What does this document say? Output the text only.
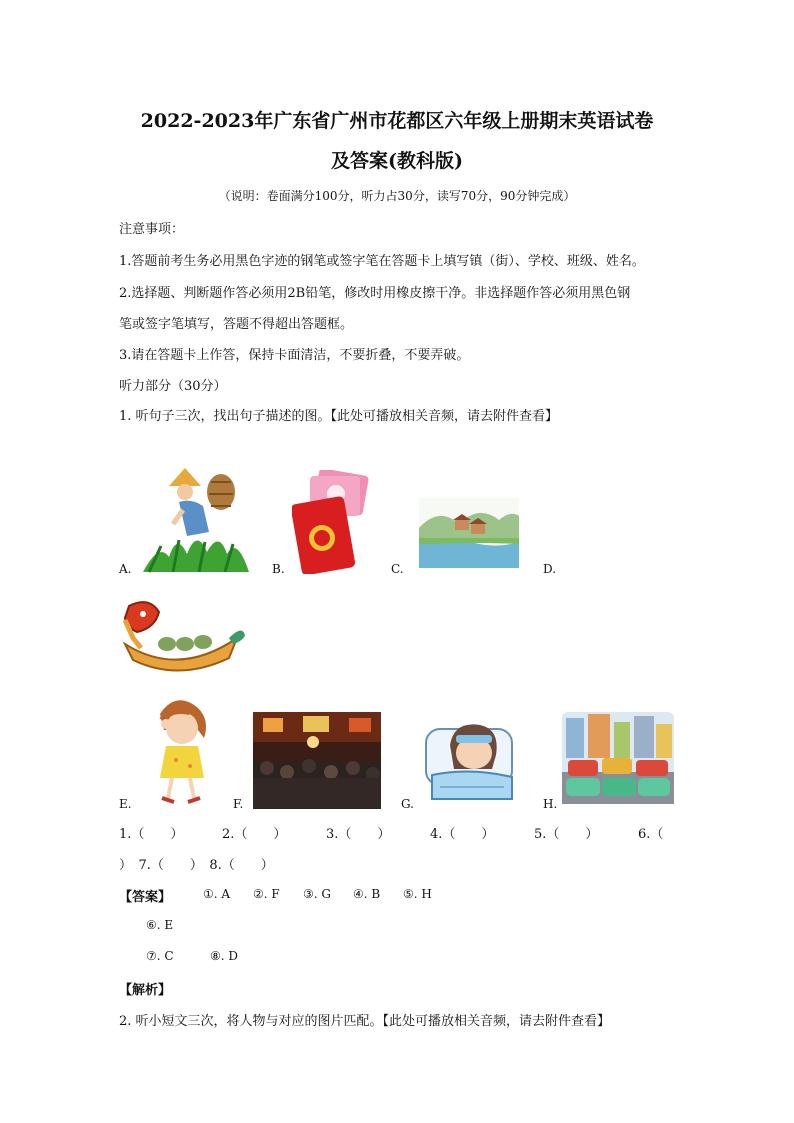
2022-2023年广东省广州市花都区六年级上册期末英语试卷
及答案(教科版)
（说明：卷面满分100分，听力占30分，读写70分，90分钟完成）
注意事项：
1.答题前考生务必用黑色字迹的钢笔或签字笔在答题卡上填写镇（街）、学校、班级、姓名。
2.选择题、判断题作答必须用2B铅笔，修改时用橡皮擦干净。非选择题作答必须用黑色钢
笔或签字笔填写，答题不得超出答题框。
3.请在答题卡上作答，保持卡面清洁，不要折叠，不要弄破。
听力部分（30分）
1. 听句子三次，找出句子描述的图。【此处可播放相关音频，请去附件查看】
A.	B.	C.	D.
E.	F.	G.	H.
1.（　　）	2.（　　）	3.（　　）	4.（　　）	5.（　　）	6.（
）　7.（　　）　8.（　　）
【答案】	①. A ②. F ③. G ④. B ⑤. H
⑥. E
⑦. C	⑧. D
【解析】
2. 听小短文三次，将人物与对应的图片匹配。【此处可播放相关音频，请去附件查看】
